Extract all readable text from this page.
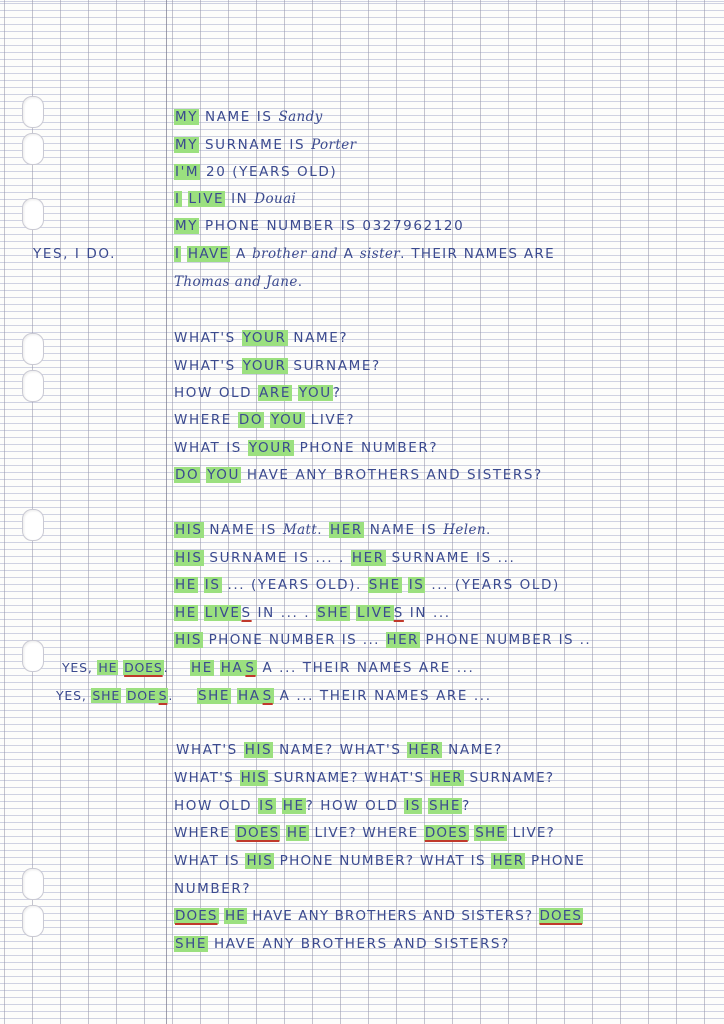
MY NAME IS Sandy
MY SURNAME IS Porter
I'M 20 (YEARS OLD)
I LIVE IN Douai
MY PHONE NUMBER IS 0327962120
YES, I DO.	I HAVE A brother and A sister. THEIR NAMES ARE
Thomas and Jane.
WHAT'S YOUR NAME?
WHAT'S YOUR SURNAME?
HOW OLD ARE YOU?
WHERE DO YOU LIVE?
WHAT IS YOUR PHONE NUMBER?
DO YOU HAVE ANY BROTHERS AND SISTERS?
HIS NAME IS Matt. HER NAME IS Helen.
HIS SURNAME IS ... . HER SURNAME IS ...
HE IS ... (YEARS OLD). SHE IS ... (YEARS OLD)
HE LIVES IN ... . SHE LIVES IN ...
HIS PHONE NUMBER IS ... HER PHONE NUMBER IS ..
YES, HE DOES. HE HA S A ... THEIR NAMES ARE ...
YES, SHE DOE S. SHE HA S A ... THEIR NAMES ARE ...
WHAT'S HIS NAME? WHAT'S HER NAME?
WHAT'S HIS SURNAME? WHAT'S HER SURNAME?
HOW OLD IS HE? HOW OLD IS SHE?
WHERE DOES HE LIVE? WHERE DOES SHE LIVE?
WHAT IS HIS PHONE NUMBER? WHAT IS HER PHONE
NUMBER?
DOES HE HAVE ANY BROTHERS AND SISTERS? DOES
SHE HAVE ANY BROTHERS AND SISTERS?
